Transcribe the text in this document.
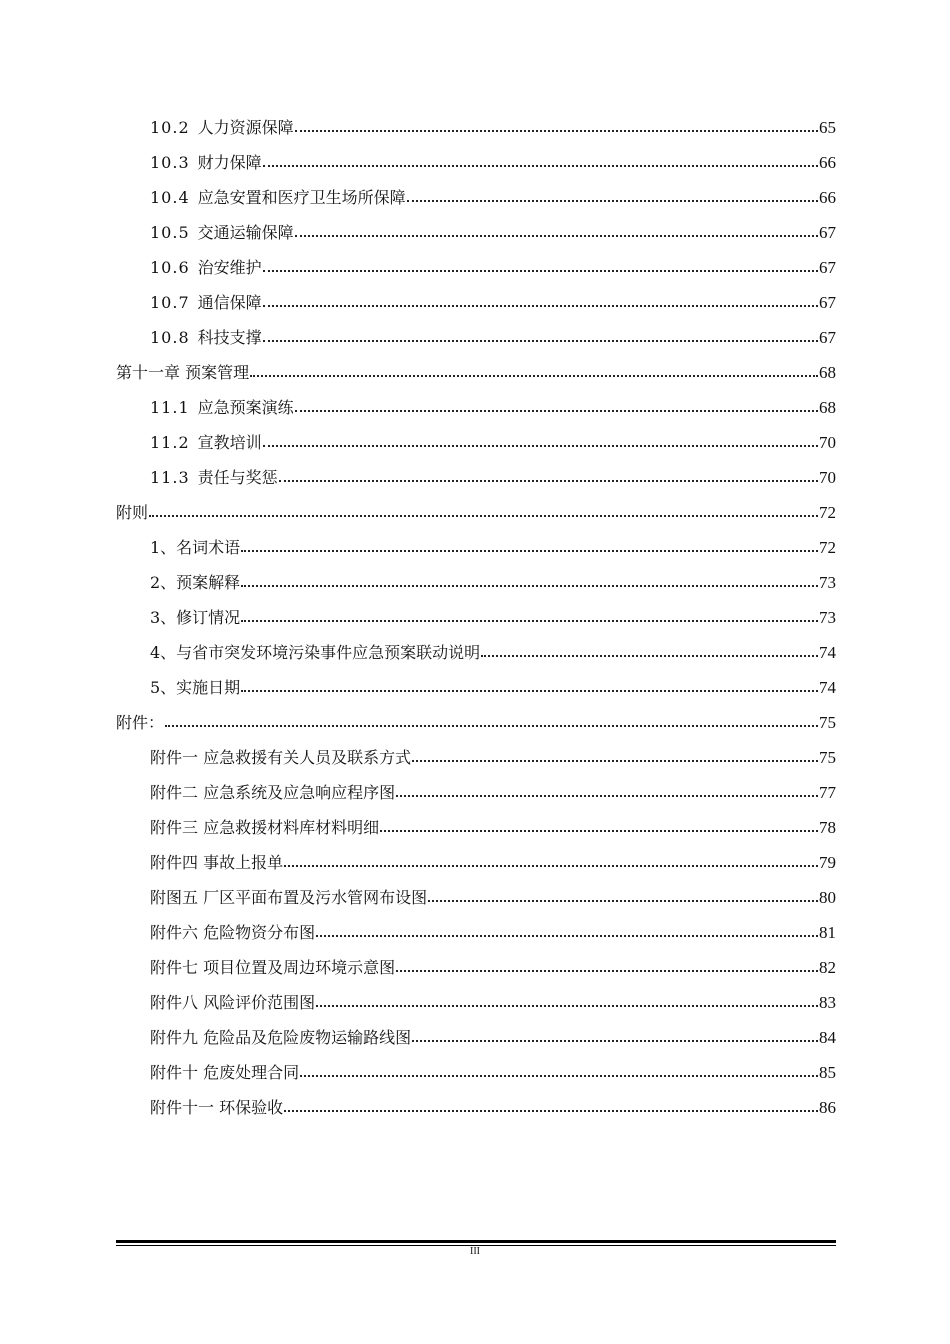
10.2 人力资源保障	65
10.3 财力保障	66
10.4 应急安置和医疗卫生场所保障	66
10.5 交通运输保障	67
10.6 治安维护	67
10.7 通信保障	67
10.8 科技支撑	67
第十一章 预案管理	68
11.1 应急预案演练	68
11.2 宣教培训	70
11.3 责任与奖惩	70
附则	72
1、名词术语	72
2、预案解释	73
3、修订情况	73
4、与省市突发环境污染事件应急预案联动说明	74
5、实施日期	74
附件：	75
附件一 应急救援有关人员及联系方式	75
附件二 应急系统及应急响应程序图	77
附件三 应急救援材料库材料明细	78
附件四 事故上报单	79
附图五 厂区平面布置及污水管网布设图	80
附件六 危险物资分布图	81
附件七 项目位置及周边环境示意图	82
附件八 风险评价范围图	83
附件九 危险品及危险废物运输路线图	84
附件十 危废处理合同	85
附件十一 环保验收	86
III
